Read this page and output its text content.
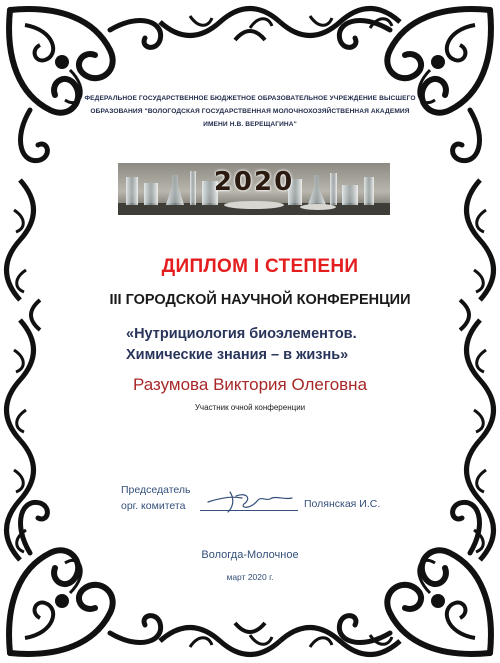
ФЕДЕРАЛЬНОЕ ГОСУДАРСТВЕННОЕ БЮДЖЕТНОЕ ОБРАЗОВАТЕЛЬНОЕ УЧРЕЖДЕНИЕ ВЫСШЕГО
ОБРАЗОВАНИЯ "ВОЛОГОДСКАЯ ГОСУДАРСТВЕННАЯ МОЛОЧНОХОЗЯЙСТВЕННАЯ АКАДЕМИЯ
ИМЕНИ Н.В. ВЕРЕЩАГИНА"
2020
ДИПЛОМ I СТЕПЕНИ
III ГОРОДСКОЙ НАУЧНОЙ КОНФЕРЕНЦИИ
«Нутрициология биоэлементов.
Химические знания – в жизнь»
Разумова Виктория Олеговна
Участник очной конференции
Председатель
орг. комитета	Полянская И.С.
Вологда-Молочное
март 2020 г.
